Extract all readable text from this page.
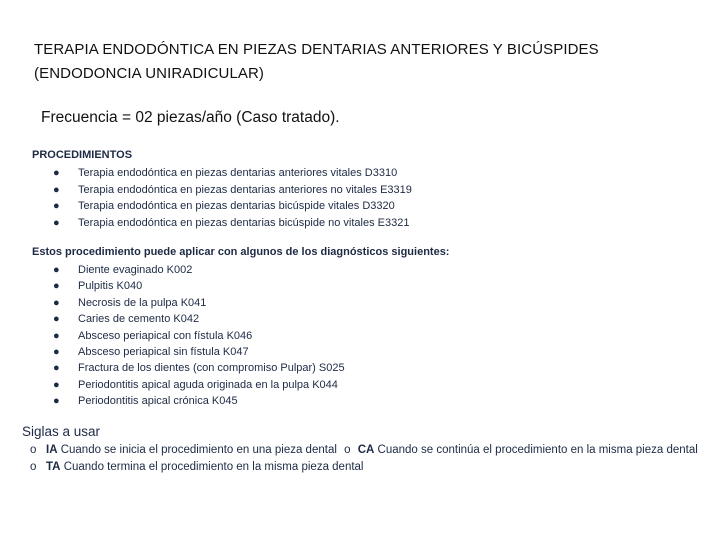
TERAPIA ENDODÓNTICA EN PIEZAS DENTARIAS ANTERIORES Y BICÚSPIDES
(ENDODONCIA UNIRADICULAR)
Frecuencia = 02 piezas/año (Caso tratado).
PROCEDIMIENTOS
● Terapia endodóntica en piezas dentarias anteriores vitales D3310
● Terapia endodóntica en piezas dentarias anteriores no vitales E3319
● Terapia endodóntica en piezas dentarias bicúspide vitales D3320
● Terapia endodóntica en piezas dentarias bicúspide no vitales E3321
Estos procedimiento puede aplicar con algunos de los diagnósticos siguientes:
● Diente evaginado K002
● Pulpitis K040
● Necrosis de la pulpa K041
● Caries de cemento K042
● Absceso periapical con fístula K046
● Absceso periapical sin fístula K047
● Fractura de los dientes (con compromiso Pulpar) S025
● Periodontitis apical aguda originada en la pulpa K044
● Periodontitis apical crónica K045
Siglas a usar
o IA Cuando se inicia el procedimiento en una pieza dental o CA Cuando se continúa el procedimiento en la misma pieza dental
o TA Cuando termina el procedimiento en la misma pieza dental
